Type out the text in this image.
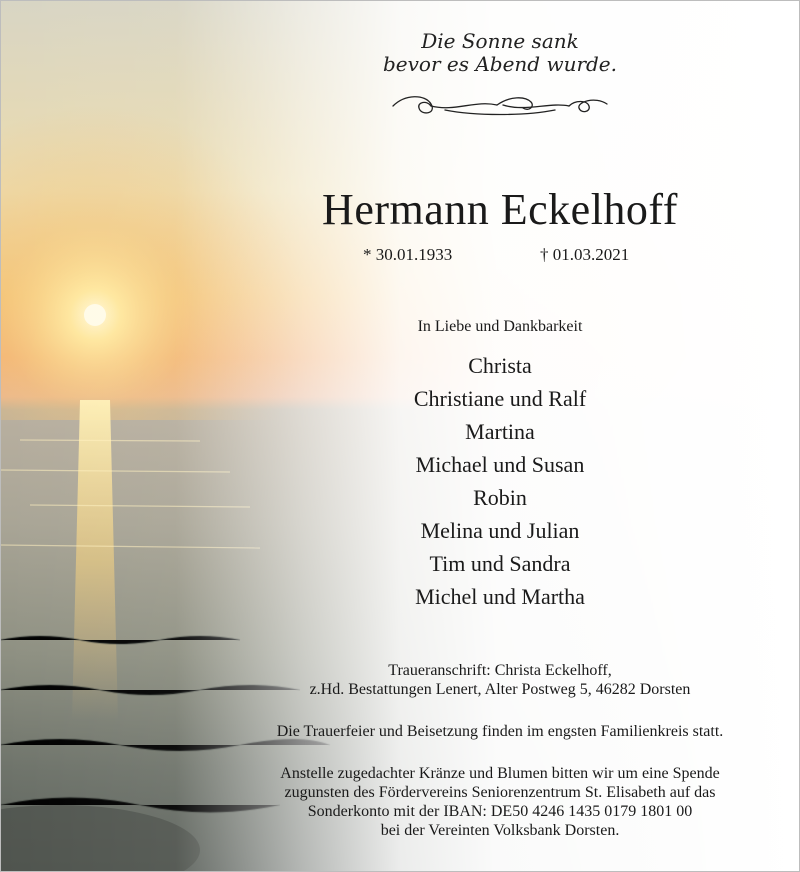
Die Sonne sank
bevor es Abend wurde.
Hermann Eckelhoff
* 30.01.1933	† 01.03.2021
In Liebe und Dankbarkeit
Christa
Christiane und Ralf
Martina
Michael und Susan
Robin
Melina und Julian
Tim und Sandra
Michel und Martha
Traueranschrift: Christa Eckelhoff,
z.Hd. Bestattungen Lenert, Alter Postweg 5, 46282 Dorsten
Die Trauerfeier und Beisetzung finden im engsten Familienkreis statt.
Anstelle zugedachter Kränze und Blumen bitten wir um eine Spende
zugunsten des Fördervereins Seniorenzentrum St. Elisabeth auf das
Sonderkonto mit der IBAN: DE50 4246 1435 0179 1801 00
bei der Vereinten Volksbank Dorsten.
